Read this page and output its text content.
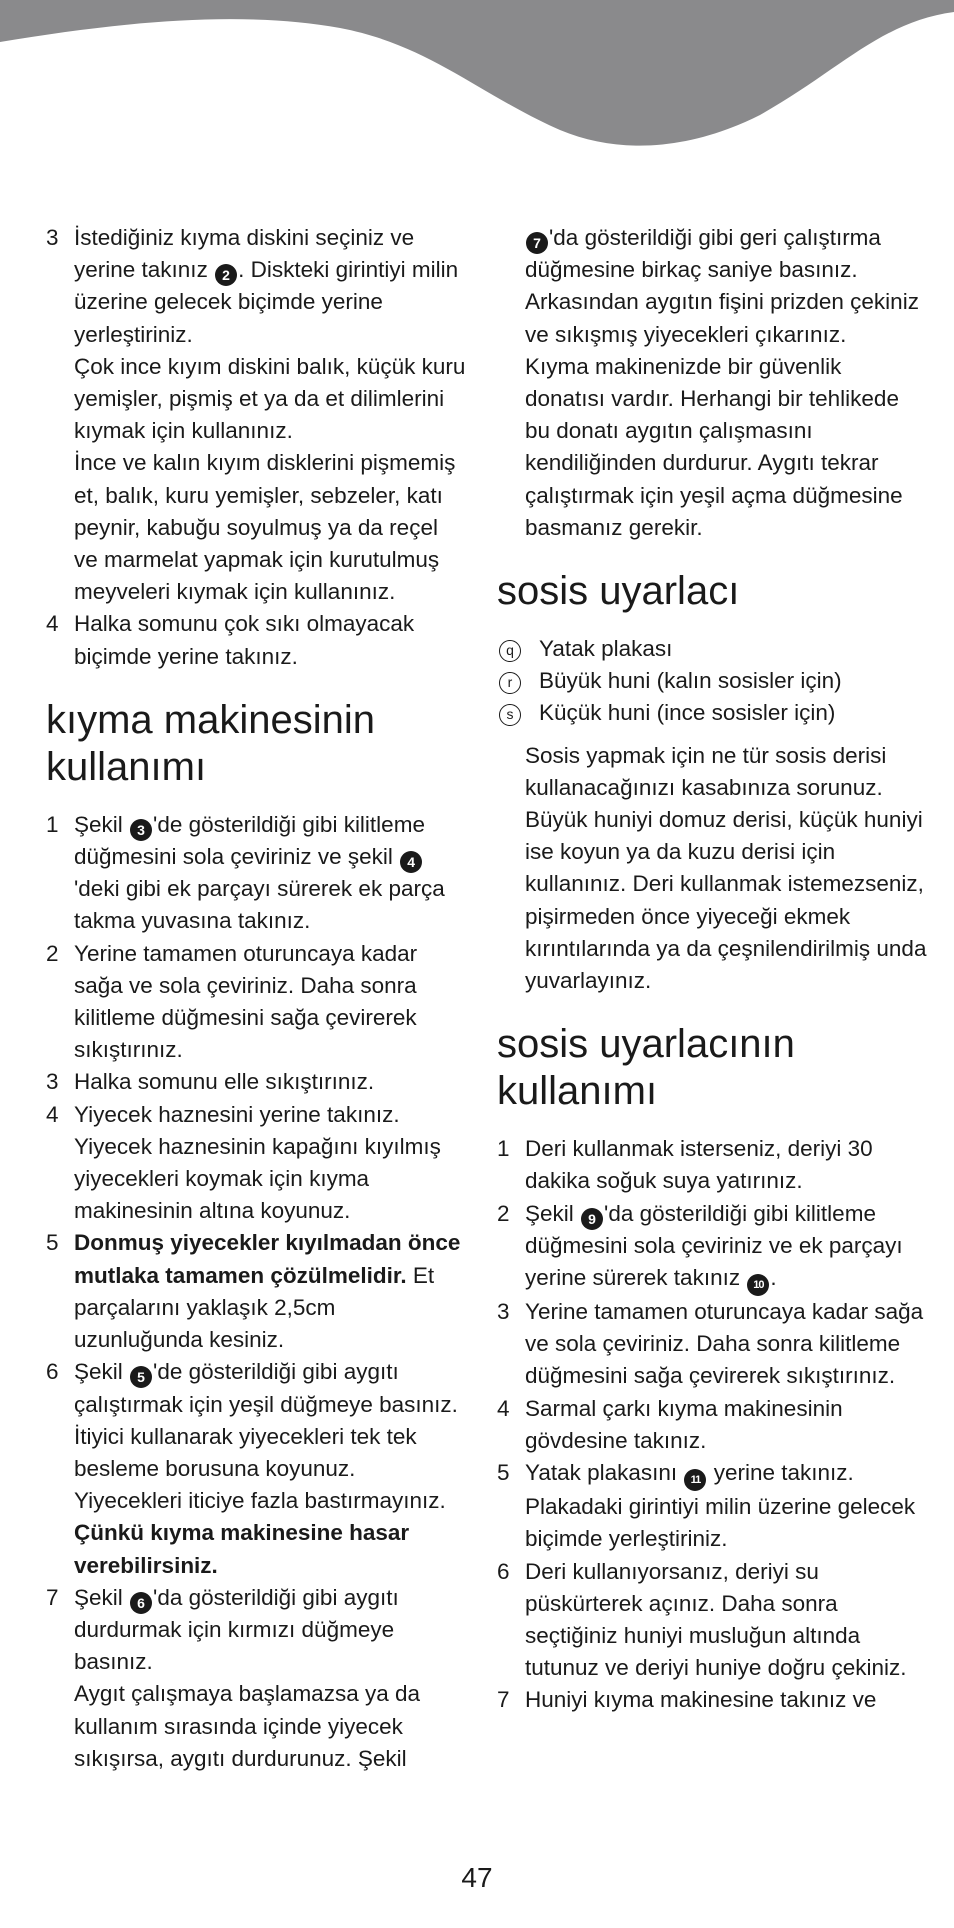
3 İstediğiniz kıyma diskini seçiniz ve yerine takınız 2 . Diskteki girintiyi milin üzerine gelecek biçimde yerine yerleştiriniz.
Çok ince kıyım diskini balık, küçük kuru yemişler, pişmiş et ya da et dilimlerini kıymak için kullanınız.
İnce ve kalın kıyım disklerini pişmemiş et, balık, kuru yemişler, sebzeler, katı peynir, kabuğu soyulmuş ya da reçel ve marmelat yapmak için kurutulmuş meyveleri kıymak için kullanınız.
4 Halka somunu çok sıkı olmayacak biçimde yerine takınız.
kıyma makinesinin kullanımı
1 Şekil 3 'de gösterildiği gibi kilitleme düğmesini sola çeviriniz ve şekil 4'deki gibi ek parçayı sürerek ek parça takma yuvasına takınız.
2 Yerine tamamen oturuncaya kadar sağa ve sola çeviriniz. Daha sonra kilitleme düğmesini sağa çevirerek sıkıştırınız.
3 Halka somunu elle sıkıştırınız.
4 Yiyecek haznesini yerine takınız. Yiyecek haznesinin kapağını kıyılmış yiyecekleri koymak için kıyma makinesinin altına koyunuz.
5 Donmuş yiyecekler kıyılmadan önce mutlaka tamamen çözülmelidir. Et parçalarını yaklaşık 2,5cm uzunluğunda kesiniz.
6 Şekil 5 'de gösterildiği gibi aygıtı çalıştırmak için yeşil düğmeye basınız. İtiyici kullanarak yiyecekleri tek tek besleme borusuna koyunuz. Yiyecekleri iticiye fazla bastırmayınız. Çünkü kıyma makinesine hasar verebilirsiniz.
7 Şekil 6 'da gösterildiği gibi aygıtı durdurmak için kırmızı düğmeye basınız.
Aygıt çalışmaya başlamazsa ya da kullanım sırasında içinde yiyecek sıkışırsa, aygıtı durdurunuz. Şekil
7 'da gösterildiği gibi geri çalıştırma düğmesine birkaç saniye basınız. Arkasından aygıtın fişini prizden çekiniz ve sıkışmış yiyecekleri çıkarınız.
Kıyma makinenizde bir güvenlik donatısı vardır. Herhangi bir tehlikede bu donatı aygıtın çalışmasını kendiliğinden durdurur. Aygıtı tekrar çalıştırmak için yeşil açma düğmesine basmanız gerekir.
sosis uyarlacı
q	Yatak plakası
r	Büyük huni (kalın sosisler için)
s	Küçük huni (ince sosisler için)
Sosis yapmak için ne tür sosis derisi kullanacağınızı kasabınıza sorunuz. Büyük huniyi domuz derisi, küçük huniyi ise koyun ya da kuzu derisi için kullanınız. Deri kullanmak istemezseniz, pişirmeden önce yiyeceği ekmek kırıntılarında ya da çeşnilendirilmiş unda yuvarlayınız.
sosis uyarlacının kullanımı
1 Deri kullanmak isterseniz, deriyi 30 dakika soğuk suya yatırınız.
2 Şekil 9 'da gösterildiği gibi kilitleme düğmesini sola çeviriniz ve ek parçayı yerine sürerek takınız 10 .
3 Yerine tamamen oturuncaya kadar sağa ve sola çeviriniz. Daha sonra kilitleme düğmesini sağa çevirerek sıkıştırınız.
4 Sarmal çarkı kıyma makinesinin gövdesine takınız.
5 Yatak plakasını 11 yerine takınız. Plakadaki girintiyi milin üzerine gelecek biçimde yerleştiriniz.
6 Deri kullanıyorsanız, deriyi su püskürterek açınız. Daha sonra seçtiğiniz huniyi musluğun altında tutunuz ve deriyi huniye doğru çekiniz.
7 Huniyi kıyma makinesine takınız ve
47
